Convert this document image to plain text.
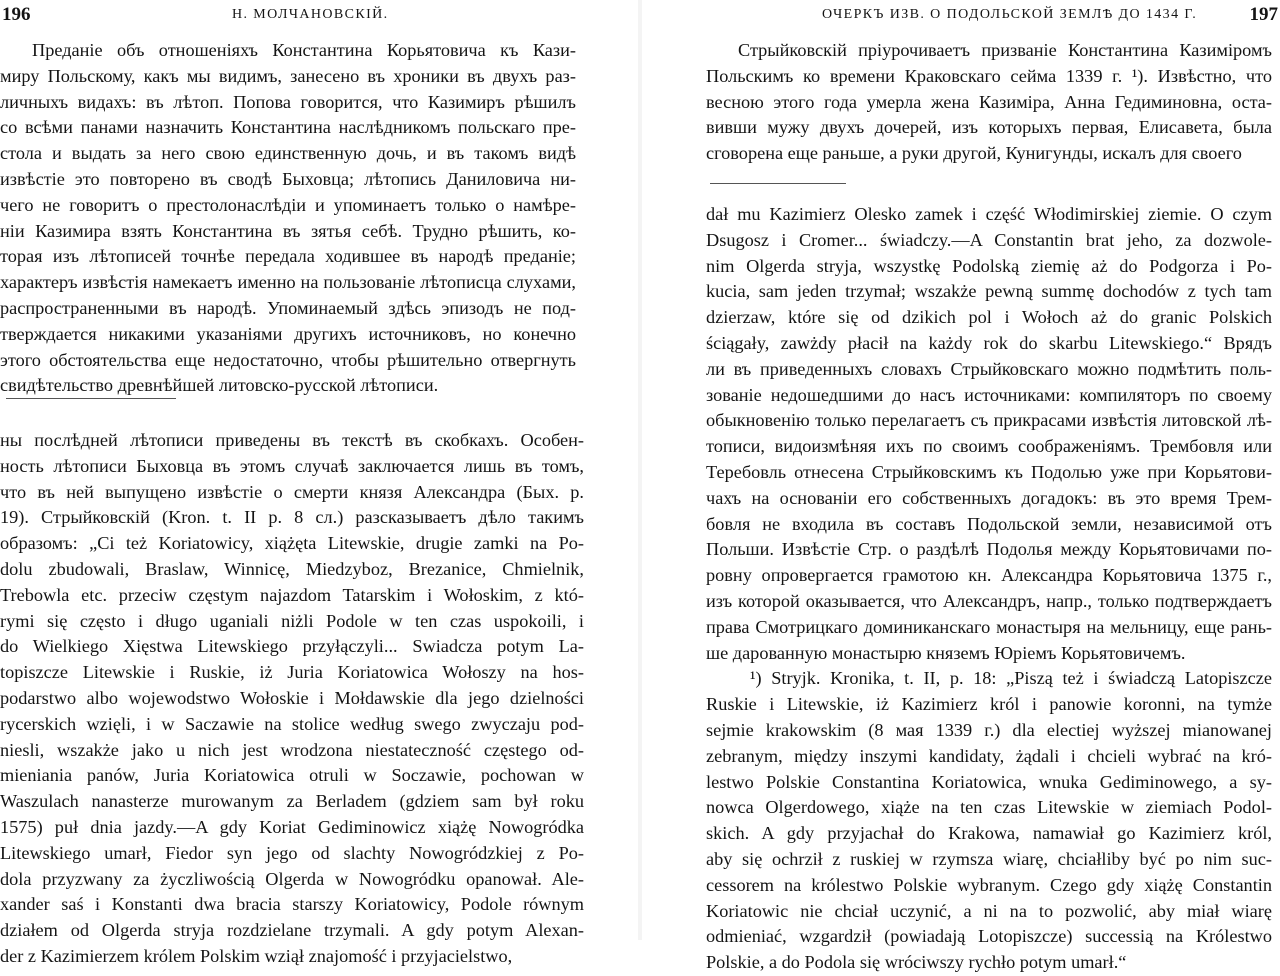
196	Н. МОЛЧАНОВСКІЙ.
Преданіе объ отношеніяхъ Константина Корьятовича къ Кази-
миру Польскому, какъ мы видимъ, занесено въ хроники въ двухъ раз-
личныхъ видахъ: въ лѣтоп. Попова говорится, что Казимиръ рѣшилъ
со всѣми панами назначить Константина наслѣдникомъ польскаго пре-
стола и выдать за него свою единственную дочь, и въ такомъ видѣ
извѣстіе это повторено въ сводѣ Быховца; лѣтопись Даниловича ни-
чего не говоритъ о престолонаслѣдіи и упоминаетъ только о намѣре-
ніи Казимира взять Константина въ зятья себѣ. Трудно рѣшить, ко-
торая изъ лѣтописей точнѣе передала ходившее въ народѣ преданіе;
характеръ извѣстія намекаетъ именно на пользованіе лѣтописца слухами,
распространенными въ народѣ. Упоминаемый здѣсь эпизодъ не под-
тверждается никакими указаніями другихъ источниковъ, но конечно
этого обстоятельства еще недостаточно, чтобы рѣшительно отвергнуть
свидѣтельство древнѣйшей литовско-русской лѣтописи.
ны послѣдней лѣтописи приведены въ текстѣ въ скобкахъ. Особен-
ность лѣтописи Быховца въ этомъ случаѣ заключается лишь въ томъ,
что въ ней выпущено извѣстіе о смерти князя Александра (Бых. р.
19). Стрыйковскій (Kron. t. II p. 8 сл.) разсказываетъ дѣло такимъ
образомъ: „Ci też Koriatowicy, xiążęta Litewskie, drugie zamki na Po-
dolu zbudowali, Braslaw, Winnicę, Miedzyboz, Brezanice, Chmielnik,
Trebowla etc. przeciw częstym najazdom Tatarskim i Wołoskim, z któ-
rymi się często i długo uganiali niżli Podole w ten czas uspokoili, i
do Wielkiego Xięstwa Litewskiego przyłączyli... Swiadcza potym La-
topiszcze Litewskie i Ruskie, iż Juria Koriatowica Wołoszy na hos-
podarstwo albo wojewodstwo Wołoskie i Mołdawskie dla jego dzielności
rycerskich wzięli, i w Saczawie na stolice według swego zwyczaju pod-
niesli, wszakże jako u nich jest wrodzona niestateczność częstego od-
mieniania panów, Juria Koriatowica otruli w Soczawie, pochowan w
Waszulach nanasterze murowanym za Berladem (gdziem sam był roku
1575) puł dnia jazdy.—A gdy Koriat Gediminowicz xiążę Nowogródka
Litewskiego umarł, Fiedor syn jego od slachty Nowogródzkiej z Po-
dola przyzwany za życzliwością Olgerda w Nowogródku opanował. Ale-
xander saś i Konstanti dwa bracia starszy Koriatowicy, Podole równym
działem od Olgerda stryja rozdzielane trzymali. A gdy potym Alexan-
der z Kazimierzem królem Polskim wziął znajomość i przyjacielstwo,
ОЧЕРКЪ ИЗВ. О ПОДОЛЬСКОЙ ЗЕМЛѢ ДО 1434 Г.	197
Стрыйковскій пріурочиваетъ призваніе Константина Казиміромъ
Польскимъ ко времени Краковскаго сейма 1339 г. ¹). Извѣстно, что
весною этого года умерла жена Казиміра, Анна Гедиминовна, оста-
вивши мужу двухъ дочерей, изъ которыхъ первая, Елисавета, была
сговорена еще раньше, а руки другой, Кунигунды, искалъ для своего
dał mu Kazimierz Olesko zamek i część Włodimirskiej ziemie. O czym
Dsugosz i Cromer... świadczy.—A Constantin brat jeho, za dozwole-
nim Olgerda stryja, wszystkę Podolską ziemię aż do Podgorza i Po-
kucia, sam jeden trzymał; wszakże pewną summę dochodów z tych tam
dzierzaw, które się od dzikich pol i Wołoch aż do granic Polskich
ściągały, zawżdy płacił na każdy rok do skarbu Litewskiego.“ Врядъ
ли въ приведенныхъ словахъ Стрыйковскаго можно подмѣтить поль-
зованіе недошедшими до насъ источниками: компиляторъ по своему
обыкновенію только перелагаетъ съ прикрасами извѣстія литовской лѣ-
тописи, видоизмѣняя ихъ по своимъ соображеніямъ. Трембовля или
Теребовль отнесена Стрыйковскимъ къ Подолью уже при Корьятови-
чахъ на основаніи его собственныхъ догадокъ: въ это время Трем-
бовля не входила въ составъ Подольской земли, независимой отъ
Польши. Извѣстіе Стр. о раздѣлѣ Подолья между Корьятовичами по-
ровну опровергается грамотою кн. Александра Корьятовича 1375 г.,
изъ которой оказывается, что Александръ, напр., только подтверждаетъ
права Смотрицкаго доминиканскаго монастыря на мельницу, еще рань-
ше дарованную монастырю княземъ Юріемъ Корьятовичемъ.
¹) Stryjk. Kronika, t. II, p. 18: „Piszą też i świadczą Latopiszcze
Ruskie i Litewskie, iż Kazimierz król i panowie koronni, na tymże
sejmie krakowskim (8 мая 1339 г.) dla electiej wyższej mianowanej
zebranym, między inszymi kandidaty, żądali i chcieli wybrać na kró-
lestwo Polskie Constantina Koriatowica, wnuka Gediminowego, a sy-
nowca Olgerdowego, xiąże na ten czas Litewskie w ziemiach Podol-
skich. A gdy przyjachał do Krakowa, namawiał go Kazimierz król,
aby się ochrził z ruskiej w rzymsza wiarę, chciałliby być po nim suc-
cessorem na królestwo Polskie wybranym. Czego gdy xiążę Constantin
Koriatowic nie chciał uczynić, a ni na to pozwolić, aby miał wiarę
odmieniać, wzgardził (powiadają Lotopiszcze) successią na Królestwo
Polskie, a do Podola się wróciwszy rychło potym umarł.“
